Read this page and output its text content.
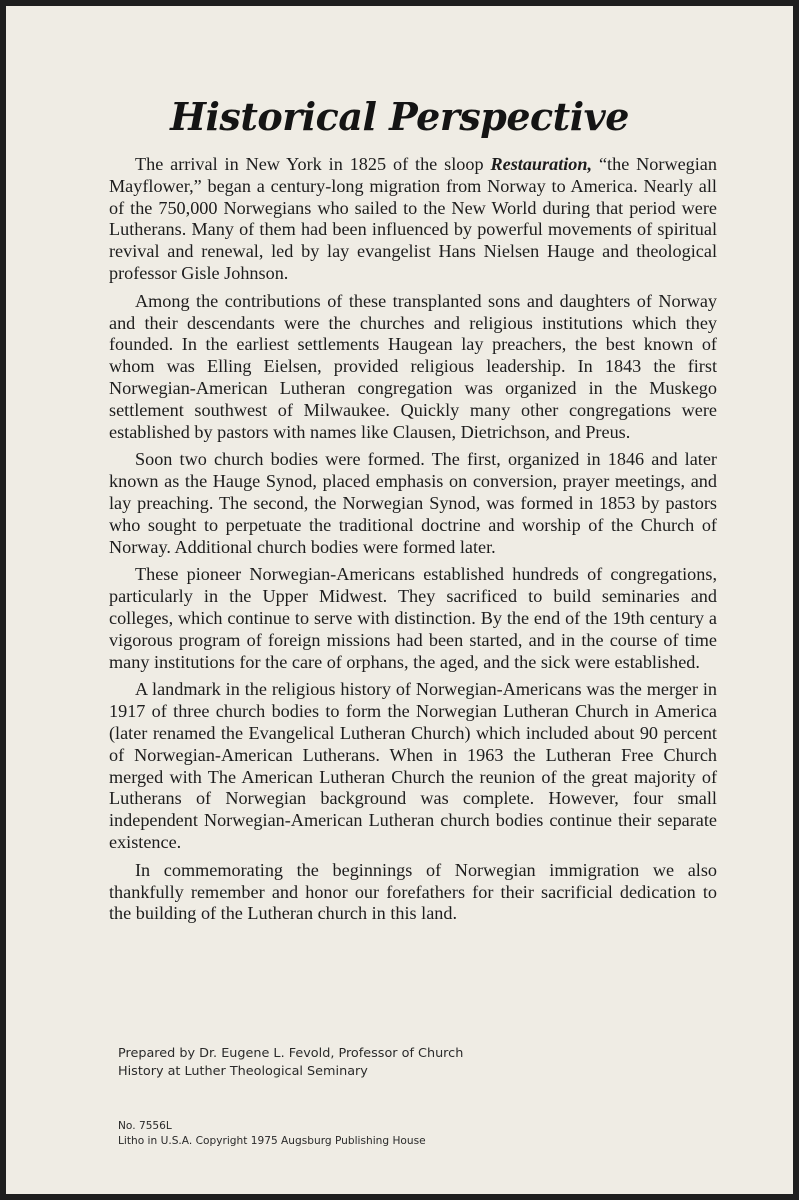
Historical Perspective

The arrival in New York in 1825 of the sloop Restauration, “the Norwegian Mayflower,” began a century-long migration from Norway to America. Nearly all of the 750,000 Norwegians who sailed to the New World during that period were Lutherans. Many of them had been influenced by powerful movements of spiritual revival and renewal, led by lay evangelist Hans Nielsen Hauge and theological professor Gisle Johnson.

Among the contributions of these transplanted sons and daughters of Norway and their descendants were the churches and religious institutions which they founded. In the earliest settlements Haugean lay preachers, the best known of whom was Elling Eielsen, provided religious leadership. In 1843 the first Norwegian-American Lutheran congregation was organized in the Muskego settlement southwest of Milwaukee. Quickly many other congregations were established by pastors with names like Clausen, Dietrichson, and Preus.

Soon two church bodies were formed. The first, organized in 1846 and later known as the Hauge Synod, placed emphasis on conversion, prayer meetings, and lay preaching. The second, the Norwegian Synod, was formed in 1853 by pastors who sought to perpetuate the traditional doctrine and worship of the Church of Norway. Additional church bodies were formed later.

These pioneer Norwegian-Americans established hundreds of congregations, particularly in the Upper Midwest. They sacrificed to build seminaries and colleges, which continue to serve with distinction. By the end of the 19th century a vigorous program of foreign missions had been started, and in the course of time many institutions for the care of orphans, the aged, and the sick were established.

A landmark in the religious history of Norwegian-Americans was the merger in 1917 of three church bodies to form the Norwegian Lutheran Church in America (later renamed the Evangelical Lutheran Church) which included about 90 percent of Norwegian-American Lutherans. When in 1963 the Lutheran Free Church merged with The American Lutheran Church the reunion of the great majority of Lutherans of Norwegian background was complete. However, four small independent Norwegian-American Lutheran church bodies continue their separate existence.

In commemorating the beginnings of Norwegian immigration we also thankfully remember and honor our forefathers for their sacrificial dedication to the building of the Lutheran church in this land.

Prepared by Dr. Eugene L. Fevold, Professor of Church
History at Luther Theological Seminary
No. 7556L
Litho in U.S.A. Copyright 1975 Augsburg Publishing House
